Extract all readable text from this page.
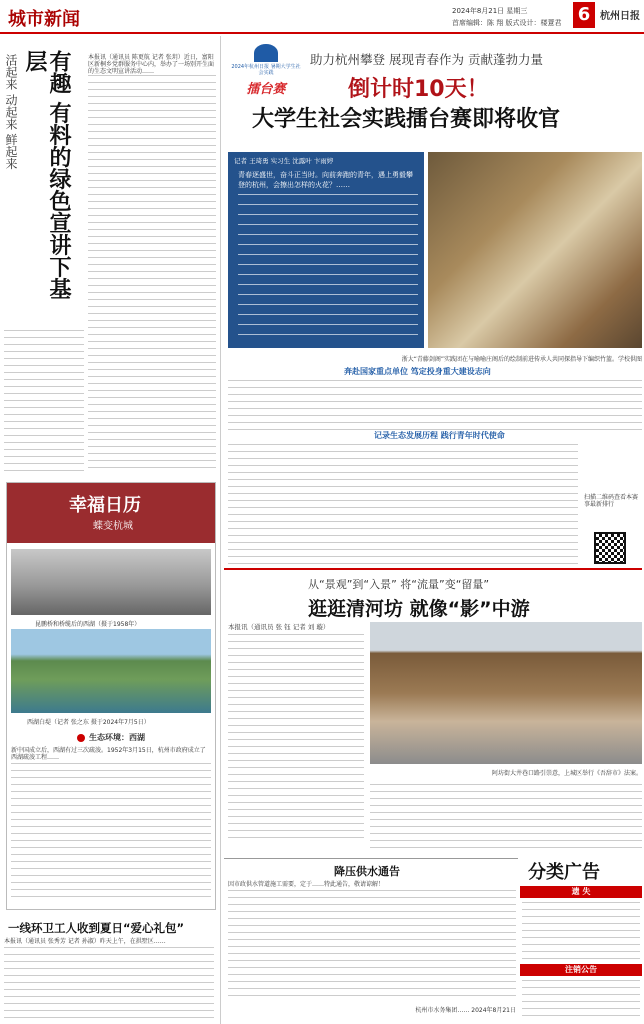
城市新闻	2024年8月21日 星期三
首席编辑：陈 翔 版式设计：楼薏君 6 杭州日报
活起来 动起来 鲜起来	有趣 有料的绿色宣讲下基层	本报讯（通讯员 陈更航 记者 张玥）近日，富阳区新桐乡党群服务中心内，举办了一场别开生面的生态文明宣讲活动……
幸福日历
蝶变杭城
昆鹏桥和桥缆后的西湖（摄于1958年）
西湖白堤（记者 张之东 摄于2024年7月5日）
生态环境：西湖
新中国成立后，西湖有过三次疏浚。1952年3月15日，杭州市政府成立了西湖疏浚工程……
一线环卫工人收到夏日“爱心礼包”
本报讯（通讯员 张秀芳 记者 孙淑）昨天上午，在拱墅区……
2024年杭州日报 暑期大学生社会实践
擂台赛
助力杭州攀登 展现青春作为 贡献蓬勃力量
倒计时10天！
大学生社会实践擂台赛即将收官
记者 王琦勇 实习生 沈露叶 卞雨婷
青春逐盛世，奋斗正当时。向前奔跑的青年，遇上勇毅攀登的杭州，会擦出怎样的火花？……
浙大“青藤剑阁”实践团在与喻喻庄阁后的绘制前进传承人共同探指导下编织竹篮。学校供图
奔赴国家重点单位 笃定投身重大建设志向
记录生态发展历程 践行青年时代使命
扫描二维码查看本赛事最新排行
从“景观”到“入景” 将“流量”变“留量”
逛逛清河坊 就像“影”中游
本报讯（通讯员 张 钰 记者 刘 璇）
阿坊街大井巷口路引崇意，上城区举行《吾辞市》法案。
降压供水通告
因市政供水管道施工需要，定于……特此通告，敬请谅解！
杭州市水务集团…… 2024年8月21日
分类广告
遗 失
注销公告
